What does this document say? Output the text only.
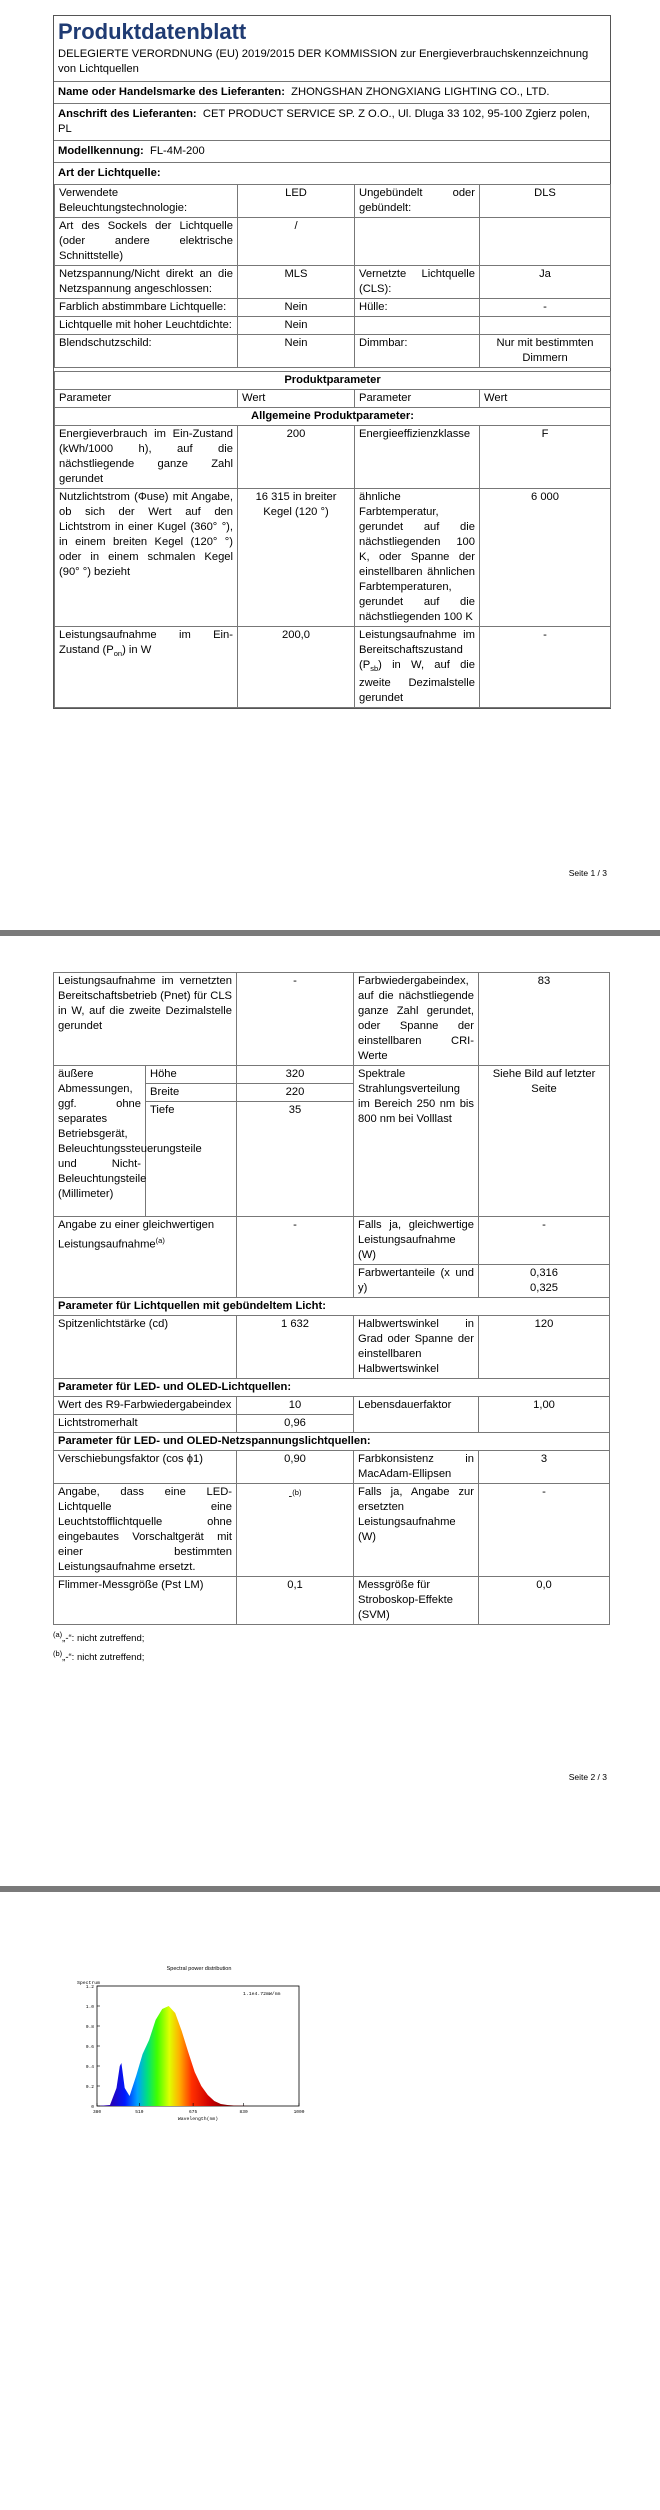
Produktdatenblatt
DELEGIERTE VERORDNUNG (EU) 2019/2015 DER KOMMISSION zur Energieverbrauchskennzeichnung von Lichtquellen
Name oder Handelsmarke des Lieferanten: ZHONGSHAN ZHONGXIANG LIGHTING CO., LTD.
Anschrift des Lieferanten: CET PRODUCT SERVICE SP. Z O.O., Ul. Dluga 33 102, 95-100 Zgierz polen, PL
Modellkennung: FL-4M-200
Art der Lichtquelle:
Verwendete Beleuchtungstechnologie:	LED	Ungebündelt oder gebündelt:	DLS
Art des Sockels der Lichtquelle (oder andere elektrische Schnittstelle)	/		
Netzspannung/Nicht direkt an die Netzspannung angeschlossen:	MLS	Vernetzte Lichtquelle (CLS):	Ja
Farblich abstimmbare Lichtquelle:	Nein	Hülle:	-
Lichtquelle mit hoher Leuchtdichte:	Nein		
Blendschutzschild:	Nein	Dimmbar:	Nur mit bestimmten Dimmern
Produktparameter			
Parameter	Wert	Parameter	Wert
Allgemeine Produktparameter:			
Energieverbrauch im Ein-Zustand (kWh/1000 h), auf die nächstliegende ganze Zahl gerundet	200	Energieeffizienzklasse	F
Nutzlichtstrom (Φuse) mit Angabe, ob sich der Wert auf den Lichtstrom in einer Kugel (360° °), in einem breiten Kegel (120° °) oder in einem schmalen Kegel (90° °) bezieht	16 315 in breiter Kegel (120 °)	ähnliche Farbtemperatur, gerundet auf die nächstliegenden 100 K, oder Spanne der einstellbaren ähnlichen Farbtemperaturen, gerundet auf die nächstliegenden 100 K	6 000
Leistungsaufnahme im Ein-Zustand $(P_{on})$ in W	200,0	Leistungsaufnahme im Bereitschaftszustand $(P_{sb})$ in W, auf die zweite Dezimalstelle gerundet	-
Seite 1 / 3
Leistungsaufnahme im vernetzten Bereitschaftsbetrieb (Pnet) für CLS in W, auf die zweite Dezimalstelle gerundet		-	Farbwiedergabeindex, auf die nächstliegende ganze Zahl gerundet, oder Spanne der einstellbaren CRI-Werte	83
äußere Abmessungen, ggf. ohne separates Betriebsgerät, Beleuchtungssteuerungsteile und Nicht-Beleuchtungsteile (Millimeter)	Höhe	320	Spektrale Strahlungsverteilung im Bereich 250 nm bis 800 nm bei Volllast	Siehe Bild auf letzter Seite
	Breite	220		
	Tiefe	35		
Angabe zu einer gleichwertigen Leistungsaufnahme$^{(a)}$		-	Falls ja, gleichwertige Leistungsaufnahme (W)	-
			Farbwertanteile (x und y)	0,316
0,325

Parameter für Lichtquellen mit gebündeltem Licht:				
Spitzenlichtstärke (cd)		1 632	Halbwertswinkel in Grad oder Spanne der einstellbaren Halbwertswinkel	120
Parameter für LED- und OLED-Lichtquellen:				
Wert des R9-Farbwiedergabeindex		10	Lebensdauerfaktor	1,00
Lichtstromerhalt		0,96		
Parameter für LED- und OLED-Netzspannungslichtquellen:				
Verschiebungsfaktor (cos ϕ1)		0,90	Farbkonsistenz in MacAdam-Ellipsen	3
Angabe, dass eine LED-Lichtquelle eine Leuchtstofflichtquelle ohne eingebautes Vorschaltgerät mit einer bestimmten Leistungsaufnahme ersetzt.		-$^{(b)}$	Falls ja, Angabe zur ersetzten Leistungsaufnahme (W)	-
Flimmer-Messgröße (Pst LM)		0,1	Messgröße für Stroboskop-Effekte (SVM)	0,0
$^{(a)}$„-“: nicht zutreffend;
$^{(b)}$„-“: nicht zutreffend;
Seite 2 / 3
Spectral power distribution
0
0.2
0.4
0.6
0.8
1.0
1.2
380	510	675	830	1000
Spectrum
Wavelength(nm)
1.1e4.72mW/nm
